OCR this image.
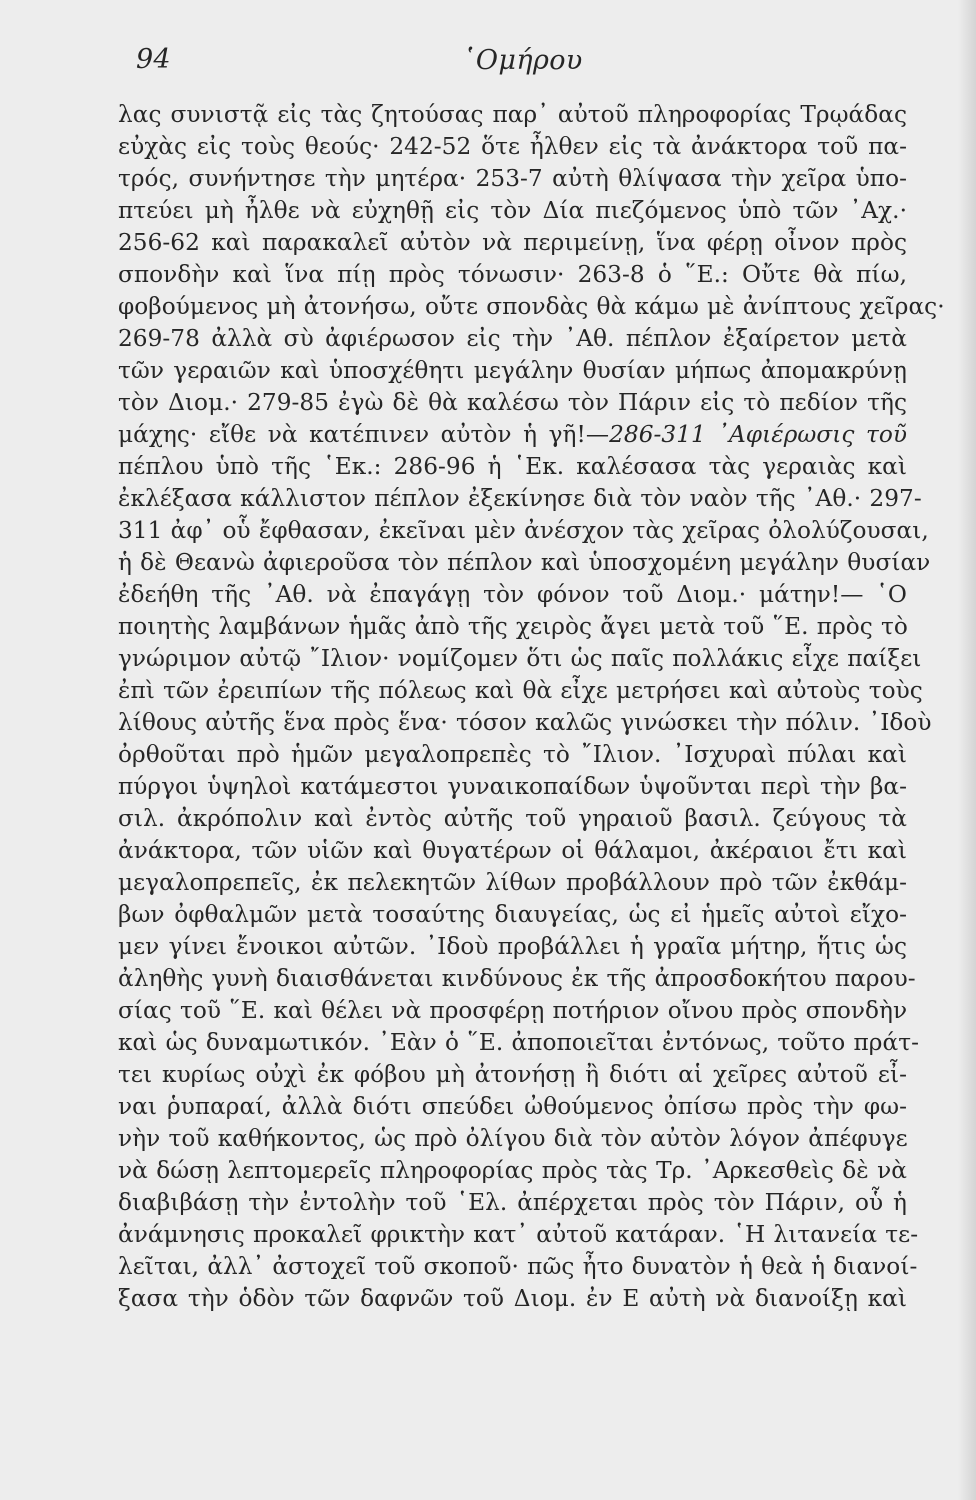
94	῾Ομήρου
λας συνιστᾷ εἰς τὰς ζητούσας παρ᾽ αὐτοῦ πληροφορίας Τρῳάδας
εὐχὰς εἰς τοὺς θεούς· 242-52 ὅτε ἦλθεν εἰς τὰ ἀνάκτορα τοῦ πα-
τρός, συνήντησε τὴν μητέρα· 253-7 αὐτὴ θλίψασα τὴν χεῖρα ὑπο-
πτεύει μὴ ἦλθε νὰ εὐχηθῇ εἰς τὸν Δία πιεζόμενος ὑπὸ τῶν ᾽Αχ.·
256-62 καὶ παρακαλεῖ αὐτὸν νὰ περιμείνῃ, ἵνα φέρῃ οἶνον πρὸς
σπονδὴν καὶ ἵνα πίῃ πρὸς τόνωσιν· 263-8 ὁ ῞Ε.: Οὔτε θὰ πίω,
φοβούμενος μὴ ἀτονήσω, οὔτε σπονδὰς θὰ κάμω μὲ ἀνίπτους χεῖρας·
269-78 ἀλλὰ σὺ ἀφιέρωσον εἰς τὴν ᾽Αθ. πέπλον ἐξαίρετον μετὰ
τῶν γεραιῶν καὶ ὑποσχέθητι μεγάλην θυσίαν μήπως ἀπομακρύνῃ
τὸν Διομ.· 279-85 ἐγὼ δὲ θὰ καλέσω τὸν Πάριν εἰς τὸ πεδίον τῆς
μάχης· εἴθε νὰ κατέπινεν αὐτὸν ἡ γῆ!—286-311 ᾽Αφιέρωσις τοῦ
πέπλου ὑπὸ τῆς ῾Εκ.: 286-96 ἡ ῾Εκ. καλέσασα τὰς γεραιὰς καὶ
ἐκλέξασα κάλλιστον πέπλον ἐξεκίνησε διὰ τὸν ναὸν τῆς ᾽Αθ.· 297-
311 ἀφ᾽ οὗ ἔφθασαν, ἐκεῖναι μὲν ἀνέσχον τὰς χεῖρας ὀλολύζουσαι,
ἡ δὲ Θεανὼ ἀφιεροῦσα τὸν πέπλον καὶ ὑποσχομένη μεγάλην θυσίαν
ἐδεήθη τῆς ᾽Αθ. νὰ ἐπαγάγῃ τὸν φόνον τοῦ Διομ.· μάτην!— ῾Ο
ποιητὴς λαμβάνων ἡμᾶς ἀπὸ τῆς χειρὸς ἄγει μετὰ τοῦ ῞Ε. πρὸς τὸ
γνώριμον αὐτῷ ῎Ιλιον· νομίζομεν ὅτι ὡς παῖς πολλάκις εἶχε παίξει
ἐπὶ τῶν ἐρειπίων τῆς πόλεως καὶ θὰ εἶχε μετρήσει καὶ αὐτοὺς τοὺς
λίθους αὐτῆς ἕνα πρὸς ἕνα· τόσον καλῶς γινώσκει τὴν πόλιν. ᾽Ιδοὺ
ὀρθοῦται πρὸ ἡμῶν μεγαλοπρεπὲς τὸ ῎Ιλιον. ᾽Ισχυραὶ πύλαι καὶ
πύργοι ὑψηλοὶ κατάμεστοι γυναικοπαίδων ὑψοῦνται περὶ τὴν βα-
σιλ. ἀκρόπολιν καὶ ἐντὸς αὐτῆς τοῦ γηραιοῦ βασιλ. ζεύγους τὰ
ἀνάκτορα, τῶν υἱῶν καὶ θυγατέρων οἱ θάλαμοι, ἀκέραιοι ἔτι καὶ
μεγαλοπρεπεῖς, ἐκ πελεκητῶν λίθων προβάλλουν πρὸ τῶν ἐκθάμ-
βων ὀφθαλμῶν μετὰ τοσαύτης διαυγείας, ὡς εἰ ἡμεῖς αὐτοὶ εἴχο-
μεν γίνει ἔνοικοι αὐτῶν. ᾽Ιδοὺ προβάλλει ἡ γραῖα μήτηρ, ἥτις ὡς
ἀληθὴς γυνὴ διαισθάνεται κινδύνους ἐκ τῆς ἀπροσδοκήτου παρου-
σίας τοῦ ῞Ε. καὶ θέλει νὰ προσφέρῃ ποτήριον οἴνου πρὸς σπονδὴν
καὶ ὡς δυναμωτικόν. ᾽Εὰν ὁ ῞Ε. ἀποποιεῖται ἐντόνως, τοῦτο πράτ-
τει κυρίως οὐχὶ ἐκ φόβου μὴ ἀτονήσῃ ἢ διότι αἱ χεῖρες αὐτοῦ εἶ-
ναι ῥυπαραί, ἀλλὰ διότι σπεύδει ὠθούμενος ὀπίσω πρὸς τὴν φω-
νὴν τοῦ καθήκοντος, ὡς πρὸ ὀλίγου διὰ τὸν αὐτὸν λόγον ἀπέφυγε
νὰ δώσῃ λεπτομερεῖς πληροφορίας πρὸς τὰς Τρ. ᾽Αρκεσθεὶς δὲ νὰ
διαβιβάσῃ τὴν ἐντολὴν τοῦ ῾Ελ. ἀπέρχεται πρὸς τὸν Πάριν, οὗ ἡ
ἀνάμνησις προκαλεῖ φρικτὴν κατ᾽ αὐτοῦ κατάραν. ῾Η λιτανεία τε-
λεῖται, ἀλλ᾽ ἀστοχεῖ τοῦ σκοποῦ· πῶς ἦτο δυνατὸν ἡ θεὰ ἡ διανοί-
ξασα τὴν ὁδὸν τῶν δαφνῶν τοῦ Διομ. ἐν Ε αὐτὴ νὰ διανοίξῃ καὶ
